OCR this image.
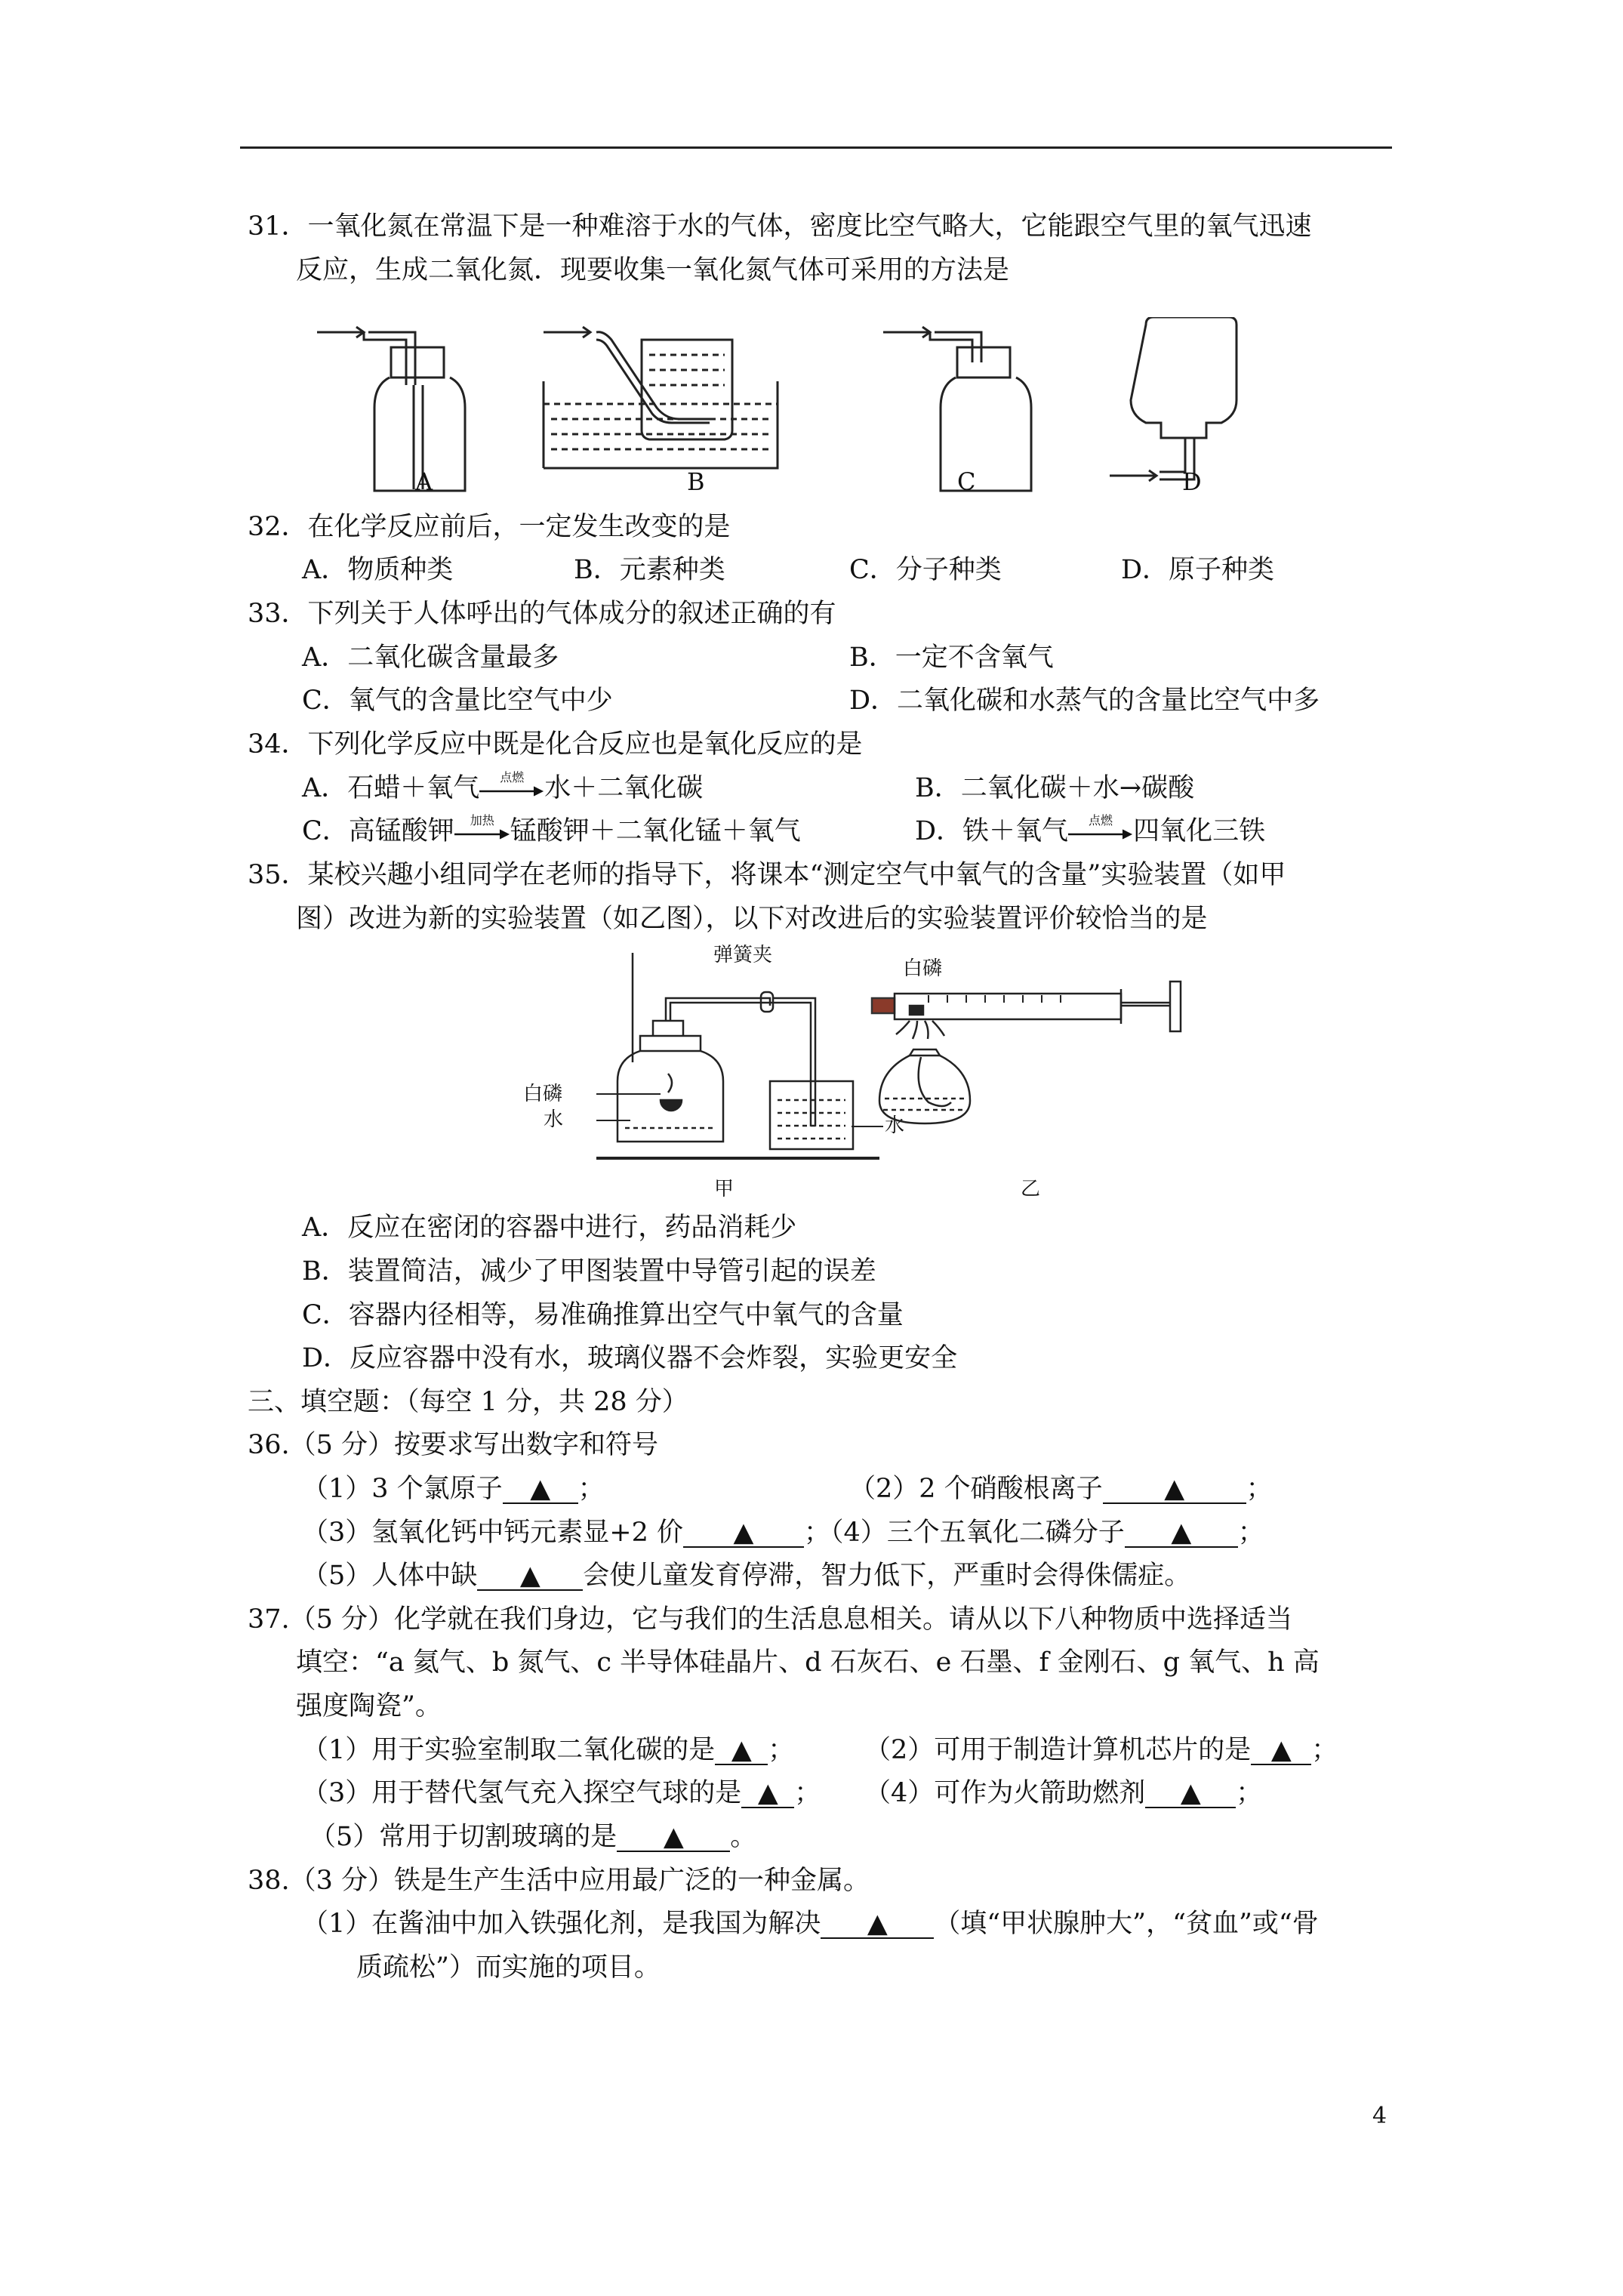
31．一氧化氮在常温下是一种难溶于水的气体，密度比空气略大，它能跟空气里的氧气迅速
反应，生成二氧化氮．现要收集一氧化氮气体可采用的方法是
A	B	C	D
32．在化学反应前后，一定发生改变的是
A．物质种类	B．元素种类	C．分子种类	D．原子种类
33．下列关于人体呼出的气体成分的叙述正确的有
A．二氧化碳含量最多	B．一定不含氧气
C．氧气的含量比空气中少	D．二氧化碳和水蒸气的含量比空气中多
34．下列化学反应中既是化合反应也是氧化反应的是
A．石蜡＋氧气	点燃 水＋二氧化碳	B．二氧化碳＋水→碳酸
C．高锰酸钾	加热 锰酸钾＋二氧化锰＋氧气	D．铁＋氧气	点燃 四氧化三铁
35．某校兴趣小组同学在老师的指导下，将课本“测定空气中氧气的含量”实验装置（如甲
图）改进为新的实验装置（如乙图），以下对改进后的实验装置评价较恰当的是
弹簧夹
白磷
水	水
甲
白磷
乙
A．反应在密闭的容器中进行，药品消耗少
B．装置简洁，减少了甲图装置中导管引起的误差
C．容器内径相等，易准确推算出空气中氧气的含量
D．反应容器中没有水，玻璃仪器不会炸裂，实验更安全
三、填空题：（每空 1 分，共 28 分）
36.（5 分）按要求写出数字和符号
（1）3 个氯原子 ▲ ；	（2）2 个硝酸根离子 ▲ ；
（3）氢氧化钙中钙元素显+2 价 ▲ ；（4）三个五氧化二磷分子 ▲ ；
（5）人体中缺 ▲ 会使儿童发育停滞，智力低下，严重时会得侏儒症。
37.（5 分）化学就在我们身边，它与我们的生活息息相关。请从以下八种物质中选择适当
填空：“a 氦气、b 氮气、c 半导体硅晶片、d 石灰石、e 石墨、f 金刚石、g 氧气、h 高
强度陶瓷”。
（1）用于实验室制取二氧化碳的是 ▲ ；	（2）可用于制造计算机芯片的是 ▲ ；
（3）用于替代氢气充入探空气球的是 ▲ ； （4）可作为火箭助燃剂 ▲ ；
（5）常用于切割玻璃的是 ▲ 。
38.（3 分）铁是生产生活中应用最广泛的一种金属。
（1）在酱油中加入铁强化剂，是我国为解决 ▲ （填“甲状腺肿大”，“贫血”或“骨
质疏松”）而实施的项目。
4
